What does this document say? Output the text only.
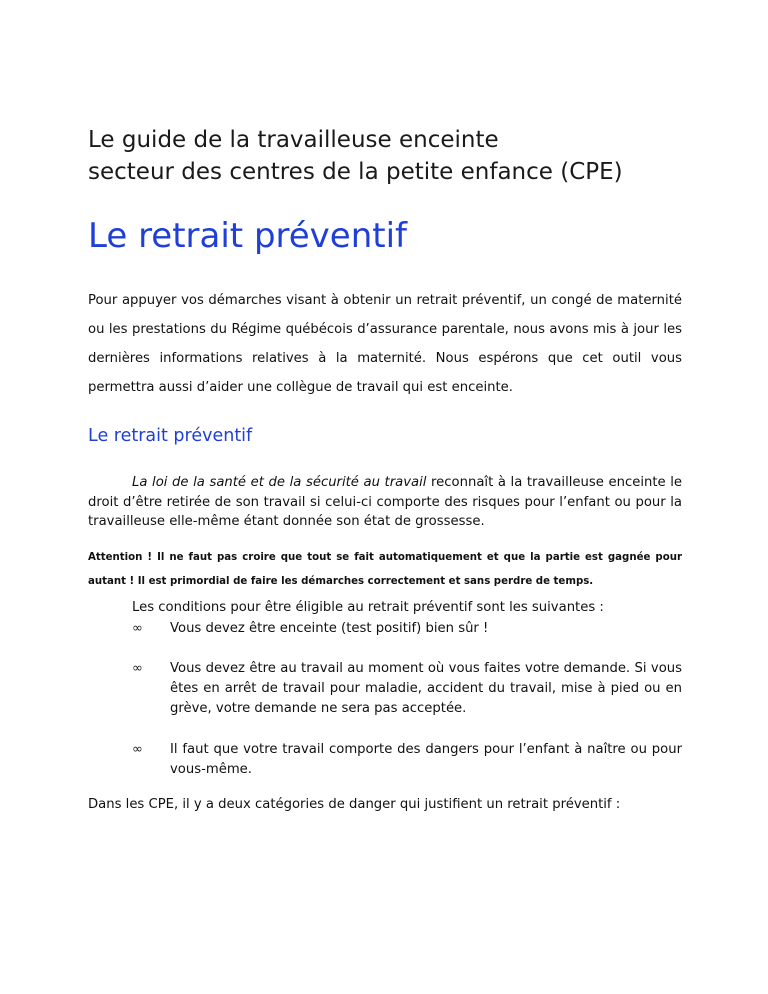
Le guide de la travailleuse enceinte
secteur des centres de la petite enfance (CPE)
Le retrait préventif

Pour appuyer vos démarches visant à obtenir un retrait préventif, un congé de maternité ou les prestations du Régime québécois d’assurance parentale, nous avons mis à jour les dernières informations relatives à la maternité. Nous espérons que cet outil vous permettra aussi d’aider une collègue de travail qui est enceinte.

Le retrait préventif

La loi de la santé et de la sécurité au travail reconnaît à la travailleuse enceinte le droit d’être retirée de son travail si celui-ci comporte des risques pour l’enfant ou pour la travailleuse elle-même étant donnée son état de grossesse.

Attention ! Il ne faut pas croire que tout se fait automatiquement et que la partie est gagnée pour autant ! Il est primordial de faire les démarches correctement et sans perdre de temps.

Les conditions pour être éligible au retrait préventif sont les suivantes :
∞	Vous devez être enceinte (test positif) bien sûr !
∞	Vous devez être au travail au moment où vous faites votre demande. Si vous êtes en arrêt de travail pour maladie, accident du travail, mise à pied ou en grève, votre demande ne sera pas acceptée.
∞	Il faut que votre travail comporte des dangers pour l’enfant à naître ou pour vous-même.
Dans les CPE, il y a deux catégories de danger qui justifient un retrait préventif :
